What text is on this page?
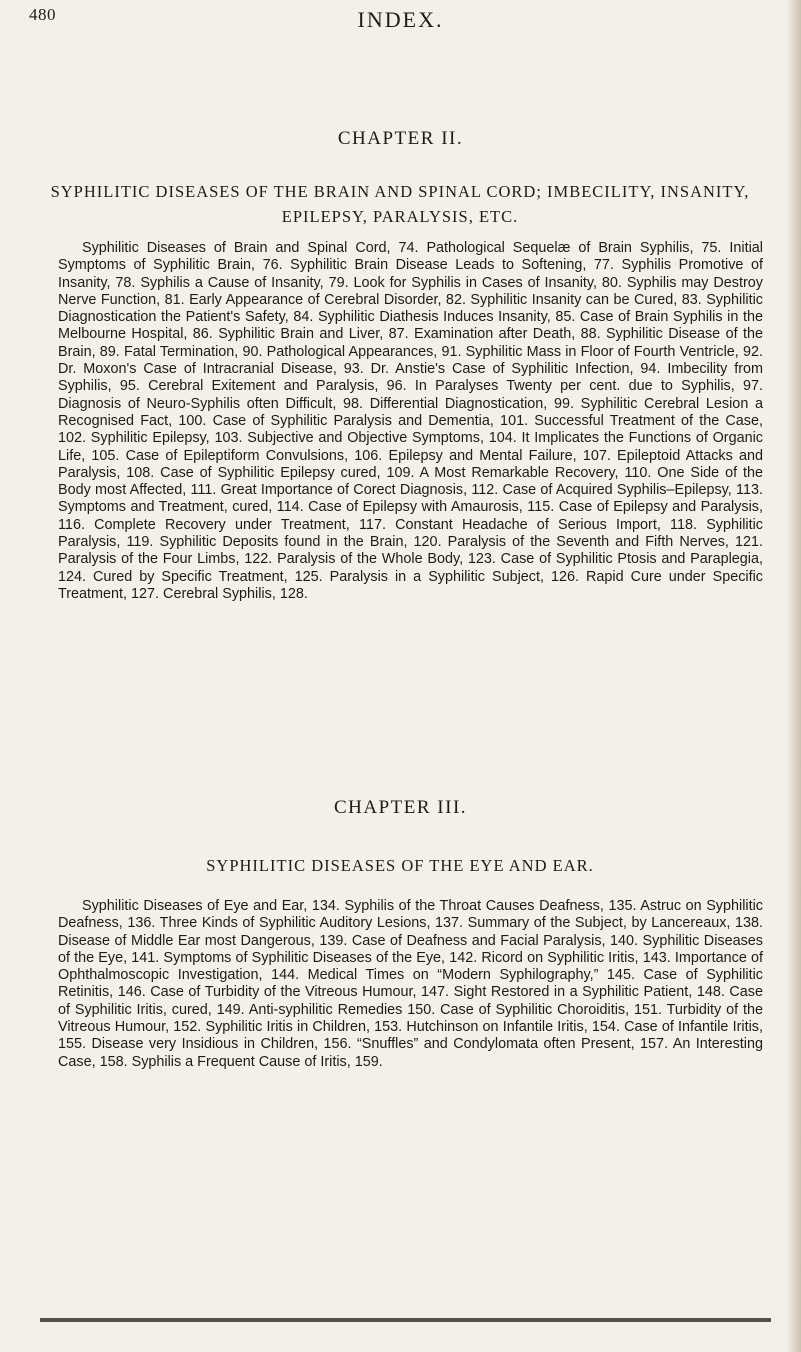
480	INDEX.
CHAPTER II.
SYPHILITIC DISEASES OF THE BRAIN AND SPINAL CORD; IMBECILITY, INSANITY, EPILEPSY, PARALYSIS, ETC.

Syphilitic Diseases of Brain and Spinal Cord, 74. Pathological Sequelæ of Brain Syphilis, 75. Initial Symptoms of Syphilitic Brain, 76. Syphilitic Brain Disease Leads to Softening, 77. Syphilis Promotive of Insanity, 78. Syphilis a Cause of Insanity, 79. Look for Syphilis in Cases of Insanity, 80. Syphilis may Destroy Nerve Function, 81. Early Appearance of Cerebral Disorder, 82. Syphilitic Insanity can be Cured, 83. Syphilitic Diagnostication the Patient's Safety, 84. Syphilitic Diathesis Induces Insanity, 85. Case of Brain Syphilis in the Melbourne Hospital, 86. Syphilitic Brain and Liver, 87. Examination after Death, 88. Syphilitic Disease of the Brain, 89. Fatal Termination, 90. Pathological Appearances, 91. Syphilitic Mass in Floor of Fourth Ventricle, 92. Dr. Moxon's Case of Intracranial Disease, 93. Dr. Anstie's Case of Syphilitic Infection, 94. Imbecility from Syphilis, 95. Cerebral Exitement and Paralysis, 96. In Paralyses Twenty per cent. due to Syphilis, 97. Diagnosis of Neuro-Syphilis often Difficult, 98. Differential Diagnostication, 99. Syphilitic Cerebral Lesion a Recognised Fact, 100. Case of Syphilitic Paralysis and Dementia, 101. Successful Treatment of the Case, 102. Syphilitic Epilepsy, 103. Subjective and Objective Symptoms, 104. It Implicates the Functions of Organic Life, 105. Case of Epileptiform Convulsions, 106. Epilepsy and Mental Failure, 107. Epileptoid Attacks and Paralysis, 108. Case of Syphilitic Epilepsy cured, 109. A Most Remarkable Recovery, 110. One Side of the Body most Affected, 111. Great Importance of Corect Diagnosis, 112. Case of Acquired Syphilis–Epilepsy, 113. Symptoms and Treatment, cured, 114. Case of Epilepsy with Amaurosis, 115. Case of Epilepsy and Paralysis, 116. Complete Recovery under Treatment, 117. Constant Headache of Serious Import, 118. Syphilitic Paralysis, 119. Syphilitic Deposits found in the Brain, 120. Paralysis of the Seventh and Fifth Nerves, 121. Paralysis of the Four Limbs, 122. Paralysis of the Whole Body, 123. Case of Syphilitic Ptosis and Paraplegia, 124. Cured by Specific Treatment, 125. Paralysis in a Syphilitic Subject, 126. Rapid Cure under Specific Treatment, 127. Cerebral Syphilis, 128.

CHAPTER III.
SYPHILITIC DISEASES OF THE EYE AND EAR.

Syphilitic Diseases of Eye and Ear, 134. Syphilis of the Throat Causes Deafness, 135. Astruc on Syphilitic Deafness, 136. Three Kinds of Syphilitic Auditory Lesions, 137. Summary of the Subject, by Lancereaux, 138. Disease of Middle Ear most Dangerous, 139. Case of Deafness and Facial Paralysis, 140. Syphilitic Diseases of the Eye, 141. Symptoms of Syphilitic Diseases of the Eye, 142. Ricord on Syphilitic Iritis, 143. Importance of Ophthalmoscopic Investigation, 144. Medical Times on “Modern Syphilography,” 145. Case of Syphilitic Retinitis, 146. Case of Turbidity of the Vitreous Humour, 147. Sight Restored in a Syphilitic Patient, 148. Case of Syphilitic Iritis, cured, 149. Anti-syphilitic Remedies 150. Case of Syphilitic Choroiditis, 151. Turbidity of the Vitreous Humour, 152. Syphilitic Iritis in Children, 153. Hutchinson on Infantile Iritis, 154. Case of Infantile Iritis, 155. Disease very Insidious in Children, 156. “Snuffles” and Condylomata often Present, 157. An Interesting Case, 158. Syphilis a Frequent Cause of Iritis, 159.
